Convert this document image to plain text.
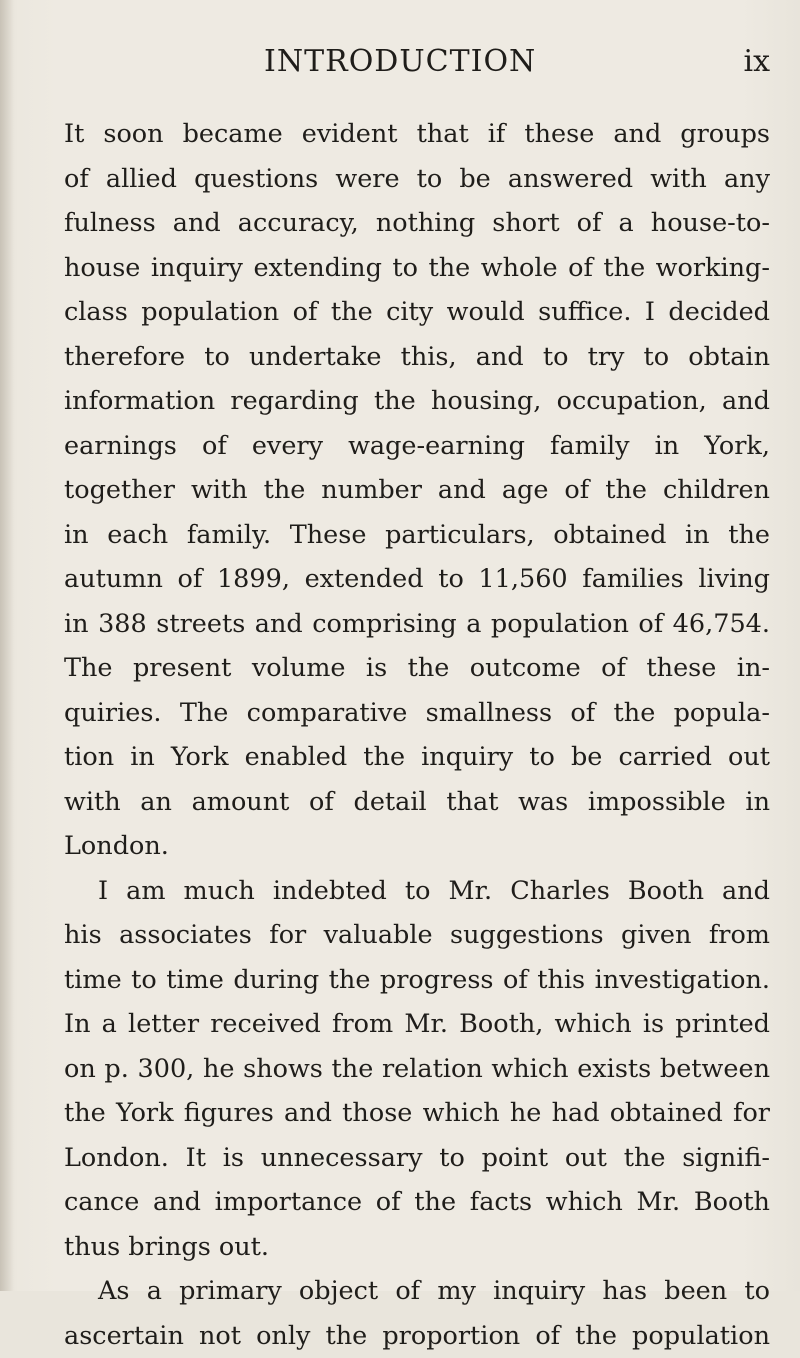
INTRODUCTION	ix
It soon became evident that if these and groups
of allied questions were to be answered with any
fulness and accuracy, nothing short of a house-to-
house inquiry extending to the whole of the working-
class population of the city would suffice. I decided
therefore to undertake this, and to try to obtain
information regarding the housing, occupation, and
earnings of every wage-earning family in York,
together with the number and age of the children
in each family. These particulars, obtained in the
autumn of 1899, extended to 11,560 families living
in 388 streets and comprising a population of 46,754.
The present volume is the outcome of these in-
quiries. The comparative smallness of the popula-
tion in York enabled the inquiry to be carried out
with an amount of detail that was impossible in
London.
I am much indebted to Mr. Charles Booth and
his associates for valuable suggestions given from
time to time during the progress of this investigation.
In a letter received from Mr. Booth, which is printed
on p. 300, he shows the relation which exists between
the York figures and those which he had obtained for
London. It is unnecessary to point out the signifi-
cance and importance of the facts which Mr. Booth
thus brings out.
As a primary object of my inquiry has been to
ascertain not only the proportion of the population
